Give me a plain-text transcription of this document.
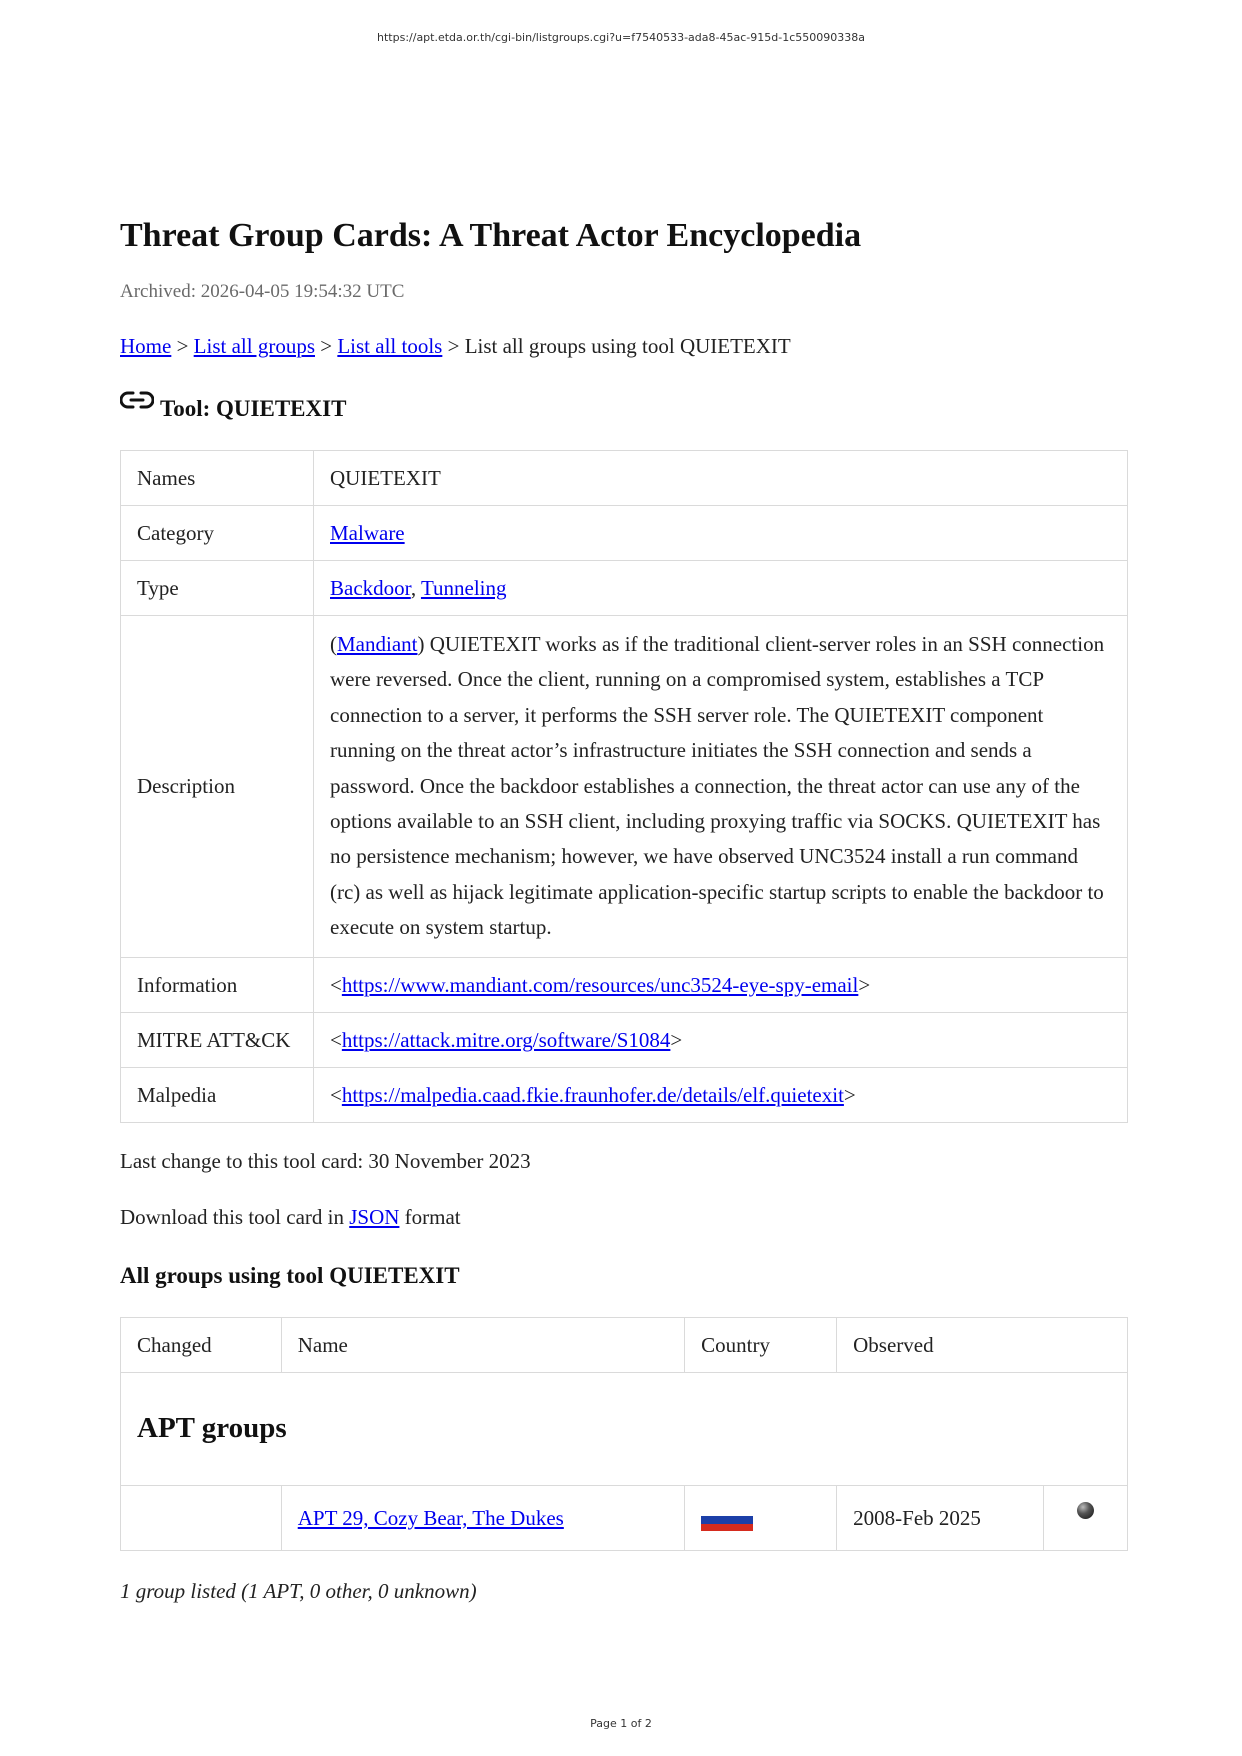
https://apt.etda.or.th/cgi-bin/listgroups.cgi?u=f7540533-ada8-45ac-915d-1c550090338a
Threat Group Cards: A Threat Actor Encyclopedia
Archived: 2026-04-05 19:54:32 UTC
Home > List all groups > List all tools > List all groups using tool QUIETEXIT
Tool: QUIETEXIT
Names	QUIETEXIT
Category	Malware
Type	Backdoor, Tunneling
Description	(Mandiant) QUIETEXIT works as if the traditional client-server roles in an SSH connection were reversed. Once the client, running on a compromised system, establishes a TCP connection to a server, it performs the SSH server role. The QUIETEXIT component running on the threat actor’s infrastructure initiates the SSH connection and sends a password. Once the backdoor establishes a connection, the threat actor can use any of the options available to an SSH client, including proxying traffic via SOCKS. QUIETEXIT has no persistence mechanism; however, we have observed UNC3524 install a run command (rc) as well as hijack legitimate application-specific startup scripts to enable the backdoor to execute on system startup.
Information	<https://www.mandiant.com/resources/unc3524-eye-spy-email>
MITRE ATT&CK	<https://attack.mitre.org/software/S1084>
Malpedia	<https://malpedia.caad.fkie.fraunhofer.de/details/elf.quietexit>
Last change to this tool card: 30 November 2023
Download this tool card in JSON format
All groups using tool QUIETEXIT
Changed	Name	Country	Observed	
APT groups				
	APT 29, Cozy Bear, The Dukes		2008-Feb 2025	
1 group listed (1 APT, 0 other, 0 unknown)
Page 1 of 2
